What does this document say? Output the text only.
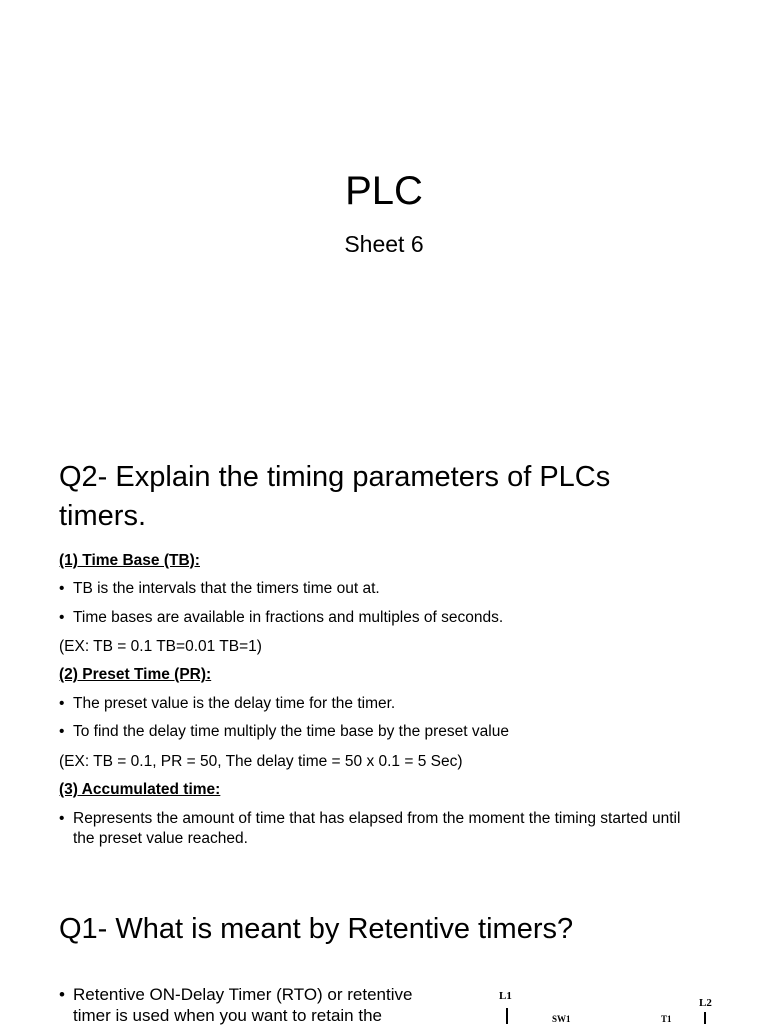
PLC
Sheet 6
Q2- Explain the timing parameters of PLCs
timers.
(1) Time Base (TB):
• TB is the intervals that the timers time out at.
• Time bases are available in fractions and multiples of seconds.
(EX: TB = 0.1 TB=0.01 TB=1)
(2) Preset Time (PR):
• The preset value is the delay time for the timer.
• To find the delay time multiply the time base by the preset value
(EX: TB = 0.1, PR = 50, The delay time = 50 x 0.1 = 5 Sec)
(3) Accumulated time:
• Represents the amount of time that has elapsed from the moment the timing started until the preset value reached.
Q1- What is meant by Retentive timers?
• Retentive ON-Delay Timer (RTO) or retentive
timer is used when you want to retain the
L1
SW1	T1
L2
